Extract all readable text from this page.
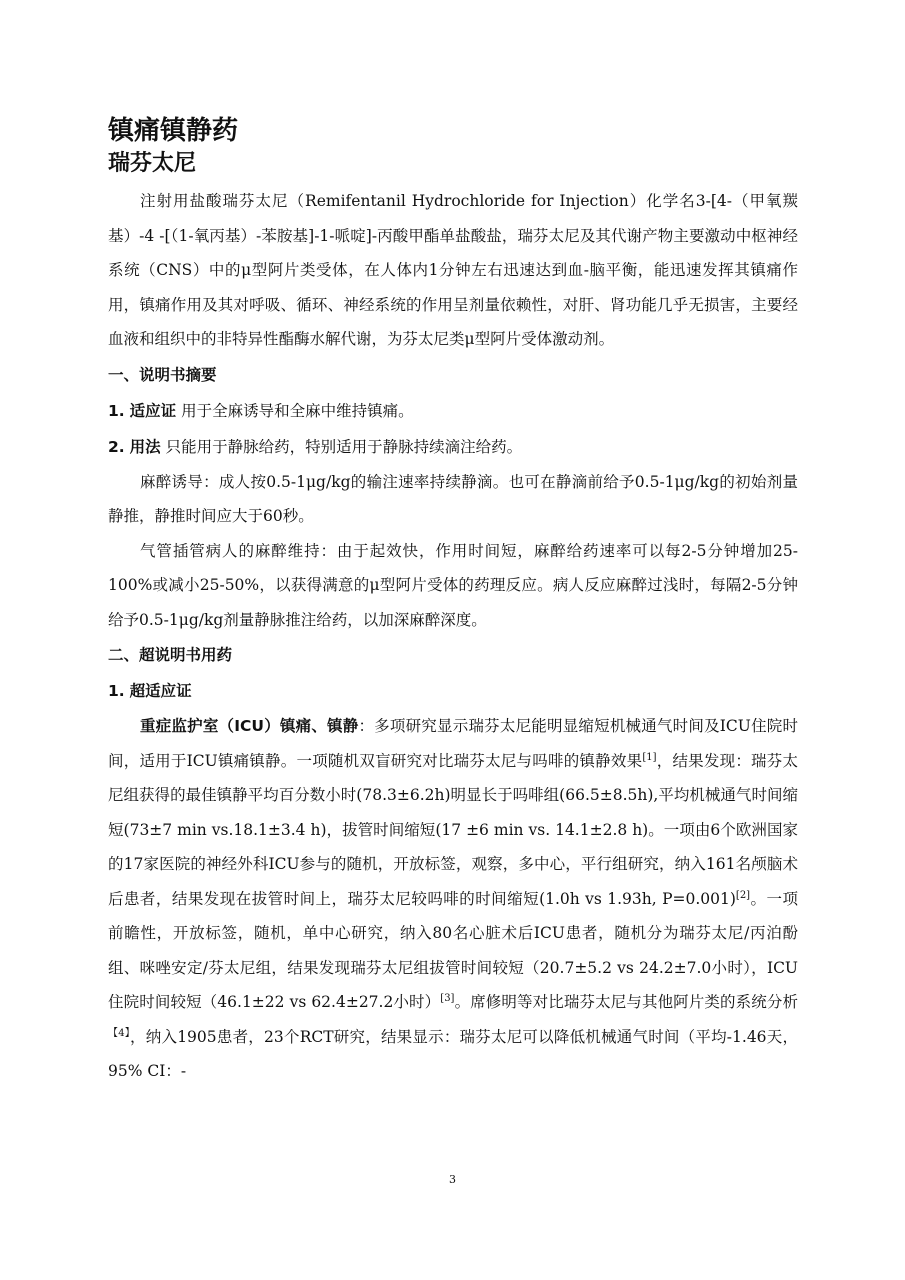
镇痛镇静药
瑞芬太尼

注射用盐酸瑞芬太尼（Remifentanil Hydrochloride for Injection）化学名3-[4-（甲氧羰基）-4 -[（1-氧丙基）-苯胺基]-1-哌啶]-丙酸甲酯单盐酸盐，瑞芬太尼及其代谢产物主要激动中枢神经系统（CNS）中的μ型阿片类受体，在人体内1分钟左右迅速达到血-脑平衡，能迅速发挥其镇痛作用，镇痛作用及其对呼吸、循环、神经系统的作用呈剂量依赖性，对肝、肾功能几乎无损害，主要经血液和组织中的非特异性酯酶水解代谢，为芬太尼类μ型阿片受体激动剂。

一、说明书摘要

1. 适应证 用于全麻诱导和全麻中维持镇痛。

2. 用法 只能用于静脉给药，特别适用于静脉持续滴注给药。

麻醉诱导：成人按0.5-1μg/kg的输注速率持续静滴。也可在静滴前给予0.5-1μg/kg的初始剂量静推，静推时间应大于60秒。

气管插管病人的麻醉维持：由于起效快，作用时间短，麻醉给药速率可以每2-5分钟增加25-100%或减小25-50%，以获得满意的μ型阿片受体的药理反应。病人反应麻醉过浅时，每隔2-5分钟给予0.5-1μg/kg剂量静脉推注给药，以加深麻醉深度。

二、超说明书用药

1. 超适应证

重症监护室（ICU）镇痛、镇静：多项研究显示瑞芬太尼能明显缩短机械通气时间及ICU住院时间，适用于ICU镇痛镇静。一项随机双盲研究对比瑞芬太尼与吗啡的镇静效果[1]，结果发现：瑞芬太尼组获得的最佳镇静平均百分数小时(78.3±6.2h)明显长于吗啡组(66.5±8.5h),平均机械通气时间缩短(73±7 min vs.18.1±3.4 h)，拔管时间缩短(17 ±6 min vs. 14.1±2.8 h)。一项由6个欧洲国家的17家医院的神经外科ICU参与的随机，开放标签，观察，多中心，平行组研究，纳入161名颅脑术后患者，结果发现在拔管时间上，瑞芬太尼较吗啡的时间缩短(1.0h vs 1.93h, P=0.001)[2]。一项前瞻性，开放标签，随机，单中心研究，纳入80名心脏术后ICU患者，随机分为瑞芬太尼/丙泊酚组、咪唑安定/芬太尼组，结果发现瑞芬太尼组拔管时间较短（20.7±5.2 vs 24.2±7.0小时），ICU住院时间较短（46.1±22 vs 62.4±27.2小时）[3]。席修明等对比瑞芬太尼与其他阿片类的系统分析$^{【4】}$，纳入1905患者，23个RCT研究，结果显示：瑞芬太尼可以降低机械通气时间（平均-1.46天，95% CI：-

3
